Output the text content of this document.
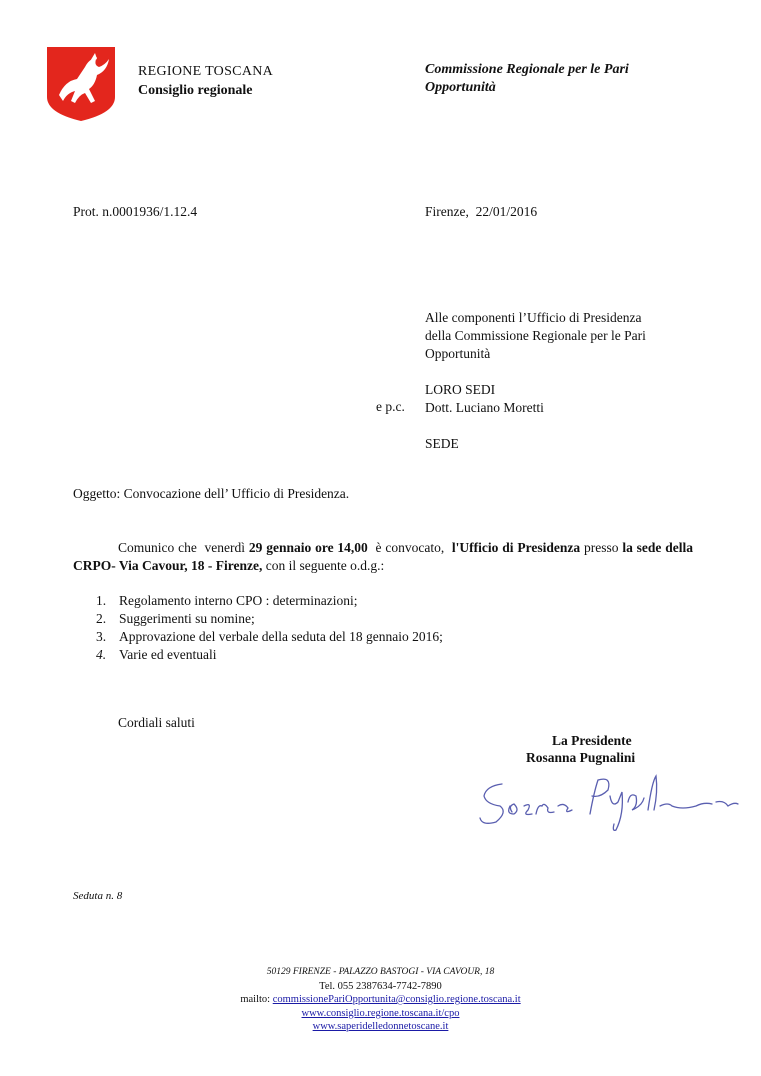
REGIONE TOSCANA
Consiglio regionale
Commissione Regionale per le Pari
Opportunità
Prot. n.0001936/1.12.4	Firenze,  22/01/2016
Alle componenti l’Ufficio di Presidenza
della Commissione Regionale per le Pari
Opportunità
LORO SEDI
Dott. Luciano Moretti
SEDE
e p.c.
Oggetto: Convocazione dell’ Ufficio di Presidenza.
Comunico che  venerdì 29 gennaio ore 14,00  è convocato,  l'Ufficio di Presidenza presso la sede della CRPO- Via Cavour, 18 - Firenze, con il seguente o.d.g.:
1. Regolamento interno CPO : determinazioni;
2. Suggerimenti su nomine;
3. Approvazione del verbale della seduta del 18 gennaio 2016;
4. Varie ed eventuali
Cordiali saluti
La Presidente
Rosanna Pugnalini
Seduta n. 8
50129 FIRENZE - PALAZZO BASTOGI - VIA CAVOUR, 18
Tel. 055 2387634-7742-7890
mailto: commissionePariOpportunita@consiglio.regione.toscana.it
www.consiglio.regione.toscana.it/cpo
www.saperidelledonnetoscane.it
